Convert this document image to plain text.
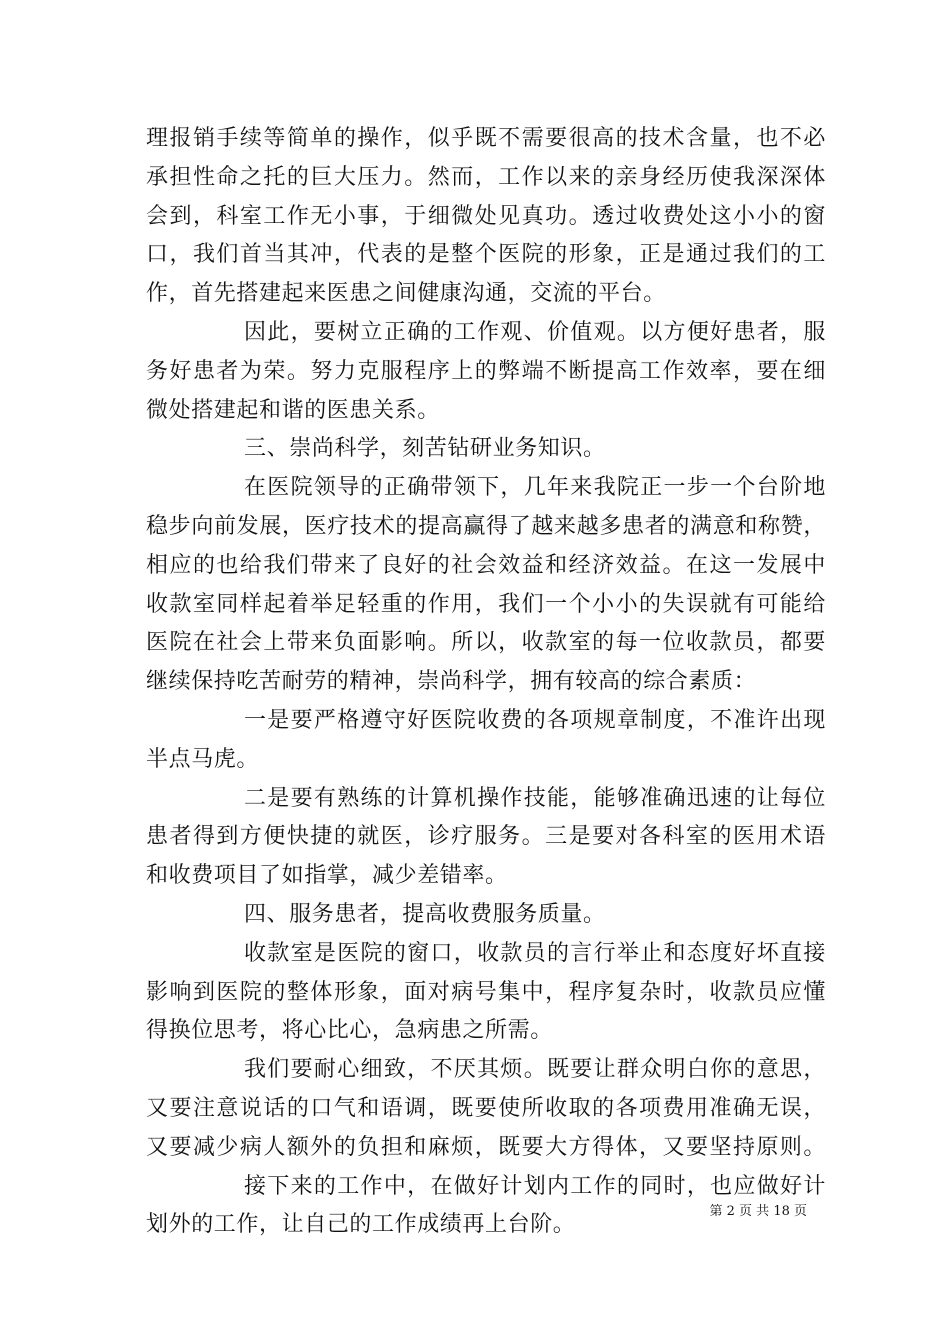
理报销手续等简单的操作，似乎既不需要很高的技术含量，也不必
承担性命之托的巨大压力。然而，工作以来的亲身经历使我深深体
会到，科室工作无小事，于细微处见真功。透过收费处这小小的窗
口，我们首当其冲，代表的是整个医院的形象，正是通过我们的工
作，首先搭建起来医患之间健康沟通，交流的平台。
因此，要树立正确的工作观、价值观。以方便好患者，服
务好患者为荣。努力克服程序上的弊端不断提高工作效率，要在细
微处搭建起和谐的医患关系。
三、崇尚科学，刻苦钻研业务知识。
在医院领导的正确带领下，几年来我院正一步一个台阶地
稳步向前发展，医疗技术的提高赢得了越来越多患者的满意和称赞，
相应的也给我们带来了良好的社会效益和经济效益。在这一发展中
收款室同样起着举足轻重的作用，我们一个小小的失误就有可能给
医院在社会上带来负面影响。所以，收款室的每一位收款员，都要
继续保持吃苦耐劳的精神，崇尚科学，拥有较高的综合素质：
一是要严格遵守好医院收费的各项规章制度，不准许出现
半点马虎。
二是要有熟练的计算机操作技能，能够准确迅速的让每位
患者得到方便快捷的就医，诊疗服务。三是要对各科室的医用术语
和收费项目了如指掌，减少差错率。
四、服务患者，提高收费服务质量。
收款室是医院的窗口，收款员的言行举止和态度好坏直接
影响到医院的整体形象，面对病号集中，程序复杂时，收款员应懂
得换位思考，将心比心，急病患之所需。
我们要耐心细致，不厌其烦。既要让群众明白你的意思，
又要注意说话的口气和语调，既要使所收取的各项费用准确无误，
又要减少病人额外的负担和麻烦，既要大方得体，又要坚持原则。
接下来的工作中，在做好计划内工作的同时，也应做好计
划外的工作，让自己的工作成绩再上台阶。
第 2 页 共 18 页
